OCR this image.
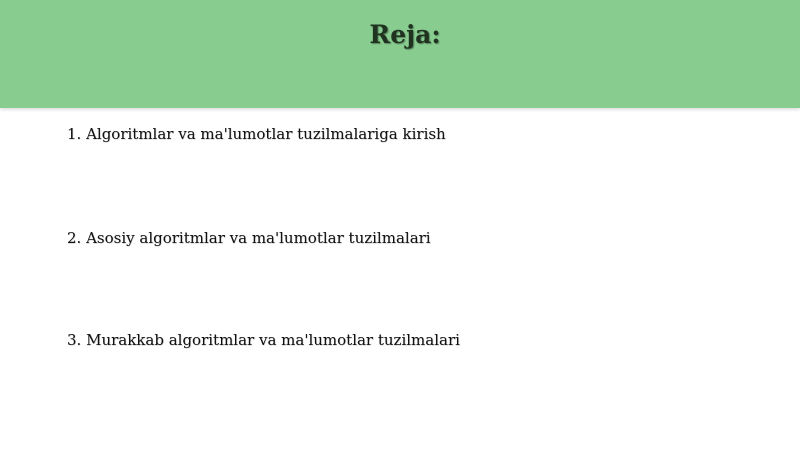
Reja:
1. Algoritmlar va ma'lumotlar tuzilmalariga kirish
2. Asosiy algoritmlar va ma'lumotlar tuzilmalari
3. Murakkab algoritmlar va ma'lumotlar tuzilmalari
